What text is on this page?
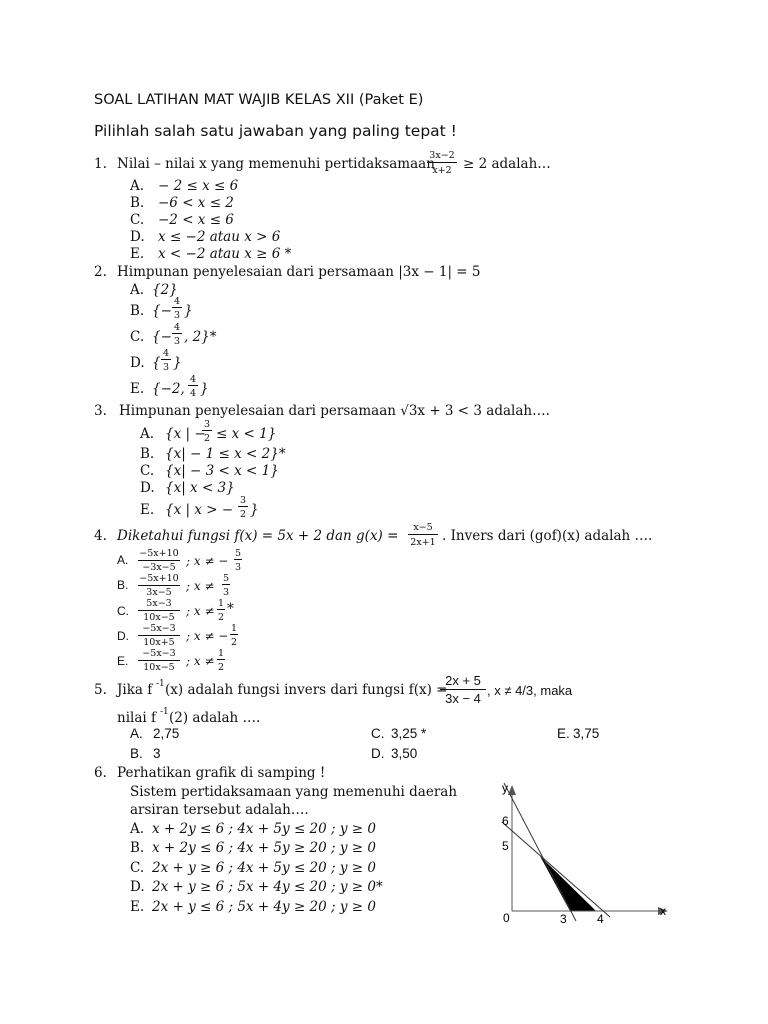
SOAL LATIHAN MAT WAJIB KELAS XII (Paket E)
Pilihlah salah satu jawaban yang paling tepat !
1. Nilai – nilai x yang memenuhi pertidaksamaan
3x−2
x+2 ≥ 2 adalah…
A. − 2 ≤ x ≤ 6
B. −6 < x ≤ 2
C. −2 < x ≤ 6
D. x ≤ −2 atau x > 6
E. x < −2 atau x ≥ 6 *
2. Himpunan penyelesaian dari persamaan |3x − 1| = 5
A. {2}
B. {−
4
3 }
C. {−
4
3 , 2}*
D. {
4
3 }
E. {−2,
4
4 }
3. Himpunan penyelesaian dari persamaan √3x + 3 < 3 adalah….
A. {x | −
3
2 ≤ x < 1}
B. {x| − 1 ≤ x < 2}*
C. {x| − 3 < x < 1}
D. {x| x < 3}
E. {x | x > −
3
2 }
4. Diketahui fungsi f(x) = 5x + 2 dan g(x) =
x−5
2x+1 . Invers dari (gof)(x) adalah ….
A. −5x+10
−3x−5 ; x ≠ −
5
3
B. −5x+10
3x−5	; x ≠
5
3
C.
5x−3
10x−5 ; x ≠
1
2
*
D.
−5x−3
10x+5 ; x ≠ −
1
2
E.
−5x−3
10x−5 ; x ≠
1
2
5. Jika f -1 (x) adalah fungsi invers dari fungsi f(x) =
2x + 5
3x − 4
, x ≠ 4/3, maka
nilai f -1 (2) adalah ….
A. 2,75
B. 3
C. 3,25 *
D. 3,50
E. 3,75
6. Perhatikan grafik di samping !
Sistem pertidaksamaan yang memenuhi daerah
arsiran tersebut adalah….
A. x + 2y ≤ 6 ; 4x + 5y ≤ 20 ; y ≥ 0
B. x + 2y ≤ 6 ; 4x + 5y ≥ 20 ; y ≥ 0
C. 2x + y ≥ 6 ; 4x + 5y ≤ 20 ; y ≥ 0
D. 2x + y ≥ 6 ; 5x + 4y ≤ 20 ; y ≥ 0*
E. 2x + y ≤ 6 ; 5x + 4y ≥ 20 ; y ≥ 0
y
x
6
5
0	3	4
